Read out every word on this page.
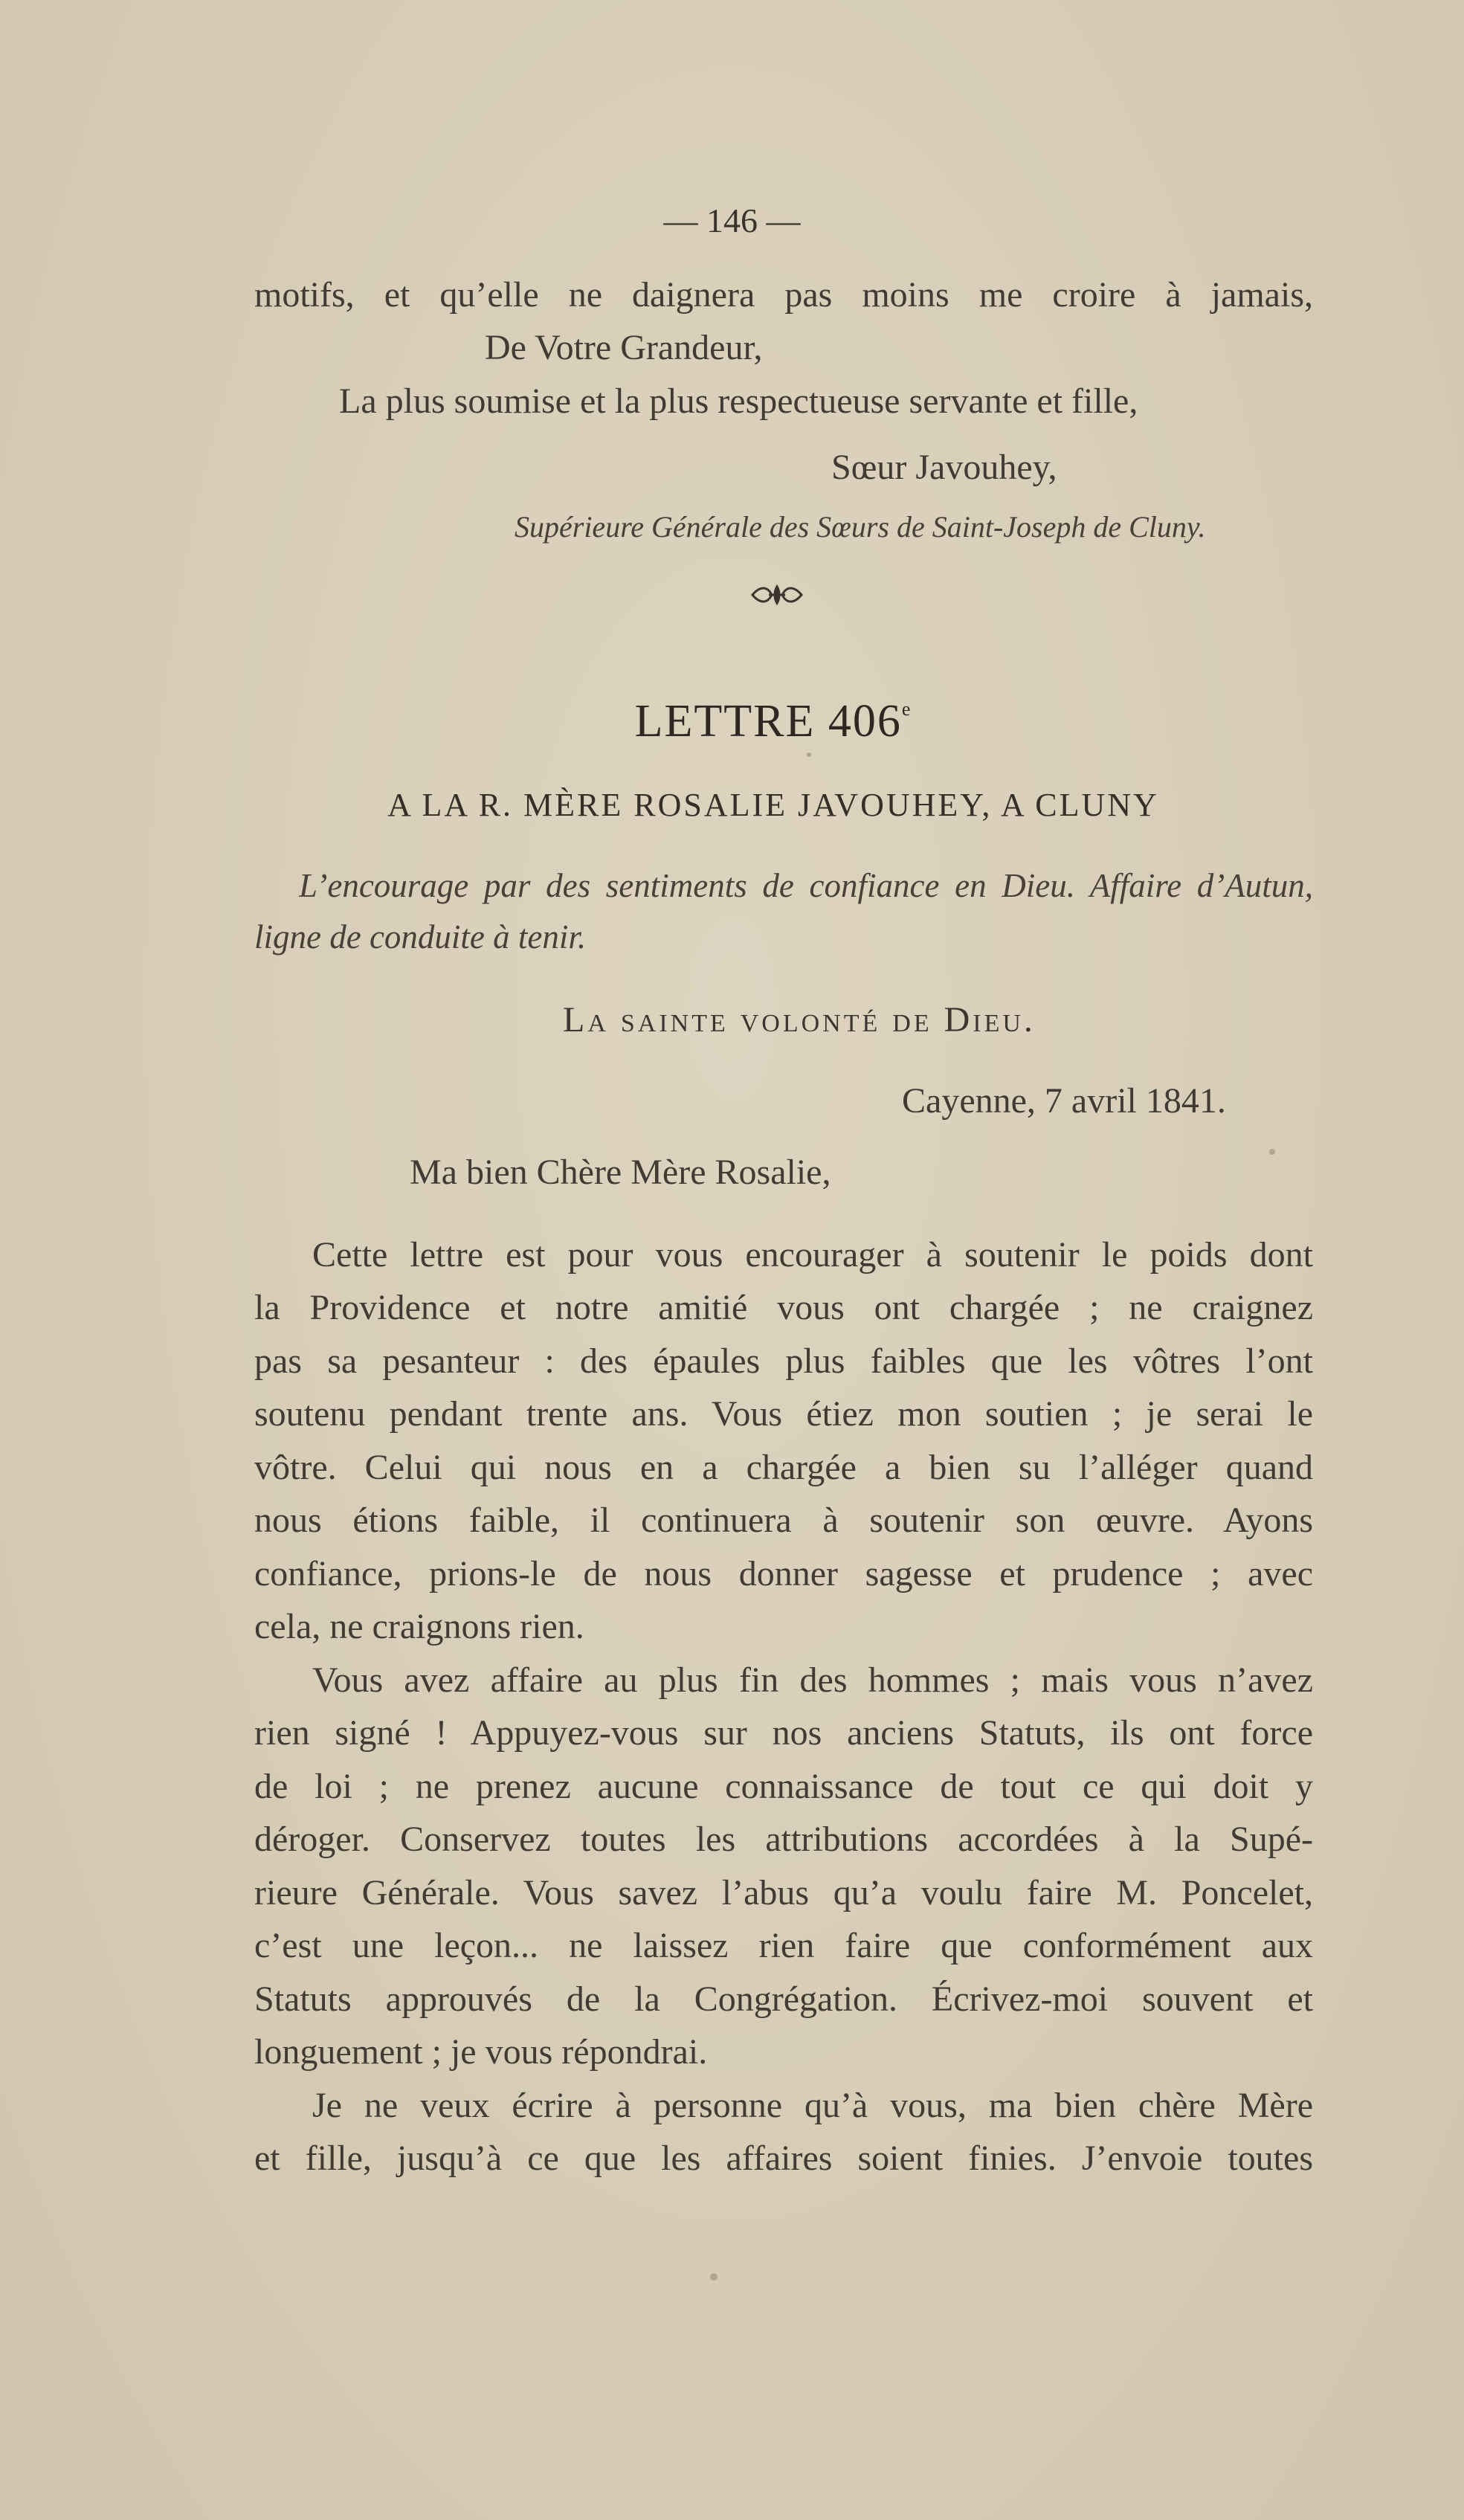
— 146 —
motifs, et qu’elle ne daignera pas moins me croire à jamais,
De Votre Grandeur,
La plus soumise et la plus respectueuse servante et fille,
Sœur Javouhey,
Supérieure Générale des Sœurs de Saint-Joseph de Cluny.
LETTRE 406e
A LA R. MÈRE ROSALIE JAVOUHEY, A CLUNY
L’encourage par des sentiments de confiance en Dieu. Affaire d’Autun,
ligne de conduite à tenir.
La sainte volonté de Dieu.
Cayenne, 7 avril 1841.
Ma bien Chère Mère Rosalie,
Cette lettre est pour vous encourager à soutenir le poids dont
la Providence et notre amitié vous ont chargée ; ne craignez
pas sa pesanteur : des épaules plus faibles que les vôtres l’ont
soutenu pendant trente ans. Vous étiez mon soutien ; je serai le
vôtre. Celui qui nous en a chargée a bien su l’alléger quand
nous étions faible, il continuera à soutenir son œuvre. Ayons
confiance, prions-le de nous donner sagesse et prudence ; avec
cela, ne craignons rien.
Vous avez affaire au plus fin des hommes ; mais vous n’avez
rien signé ! Appuyez-vous sur nos anciens Statuts, ils ont force
de loi ; ne prenez aucune connaissance de tout ce qui doit y
déroger. Conservez toutes les attributions accordées à la Supé-
rieure Générale. Vous savez l’abus qu’a voulu faire M. Poncelet,
c’est une leçon... ne laissez rien faire que conformément aux
Statuts approuvés de la Congrégation. Écrivez-moi souvent et
longuement ; je vous répondrai.
Je ne veux écrire à personne qu’à vous, ma bien chère Mère
et fille, jusqu’à ce que les affaires soient finies. J’envoie toutes
